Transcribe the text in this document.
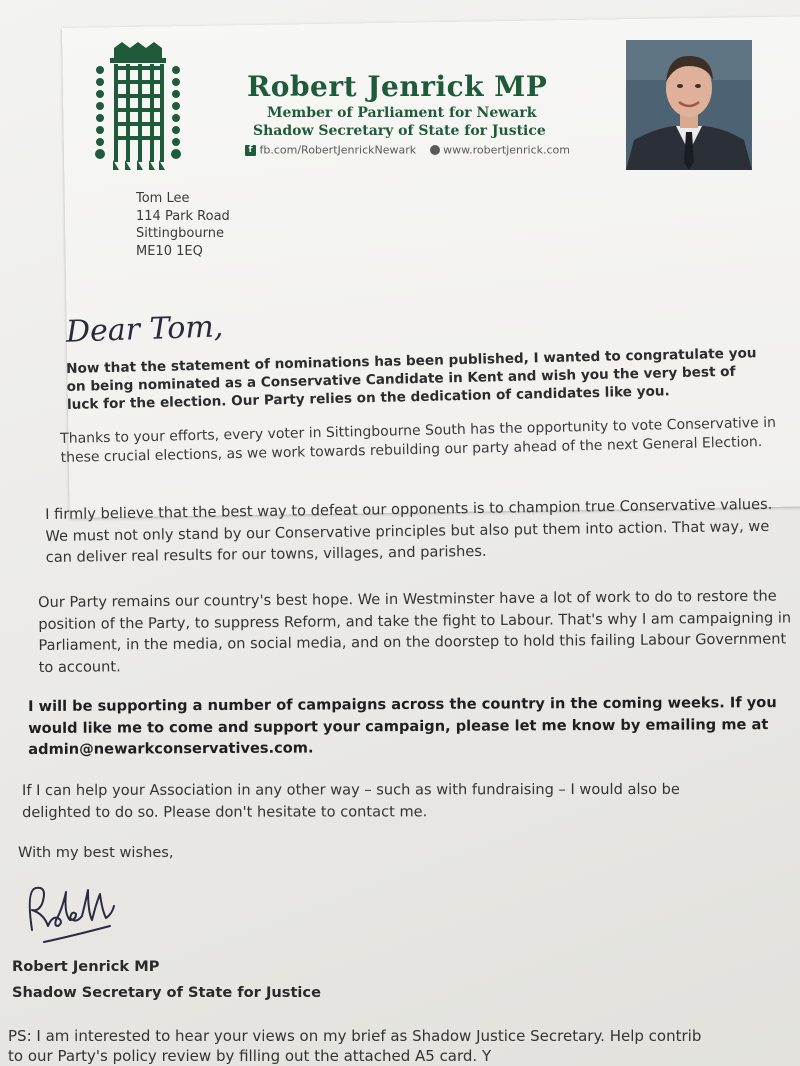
Robert Jenrick MP
Member of Parliament for Newark
Shadow Secretary of State for Justice
f fb.com/RobertJenrickNewark www.robertjenrick.com
Tom Lee
114 Park Road
Sittingbourne
ME10 1EQ
Dear Tom,
Now that the statement of nominations has been published, I wanted to congratulate you on being nominated as a Conservative Candidate in Kent and wish you the very best of luck for the election. Our Party relies on the dedication of candidates like you.
Thanks to your efforts, every voter in Sittingbourne South has the opportunity to vote Conservative in these crucial elections, as we work towards rebuilding our party ahead of the next General Election.
I firmly believe that the best way to defeat our opponents is to champion true Conservative values. We must not only stand by our Conservative principles but also put them into action. That way, we can deliver real results for our towns, villages, and parishes.
Our Party remains our country's best hope. We in Westminster have a lot of work to do to restore the position of the Party, to suppress Reform, and take the fight to Labour. That's why I am campaigning in Parliament, in the media, on social media, and on the doorstep to hold this failing Labour Government to account.
I will be supporting a number of campaigns across the country in the coming weeks. If you would like me to come and support your campaign, please let me know by emailing me at admin@newarkconservatives.com.
If I can help your Association in any other way – such as with fundraising – I would also be
delighted to do so. Please don't hesitate to contact me.
With my best wishes,
Robert Jenrick MP
Shadow Secretary of State for Justice
PS: I am interested to hear your views on my brief as Shadow Justice Secretary. Help contrib
to our Party's policy review by filling out the attached A5 card. Y
